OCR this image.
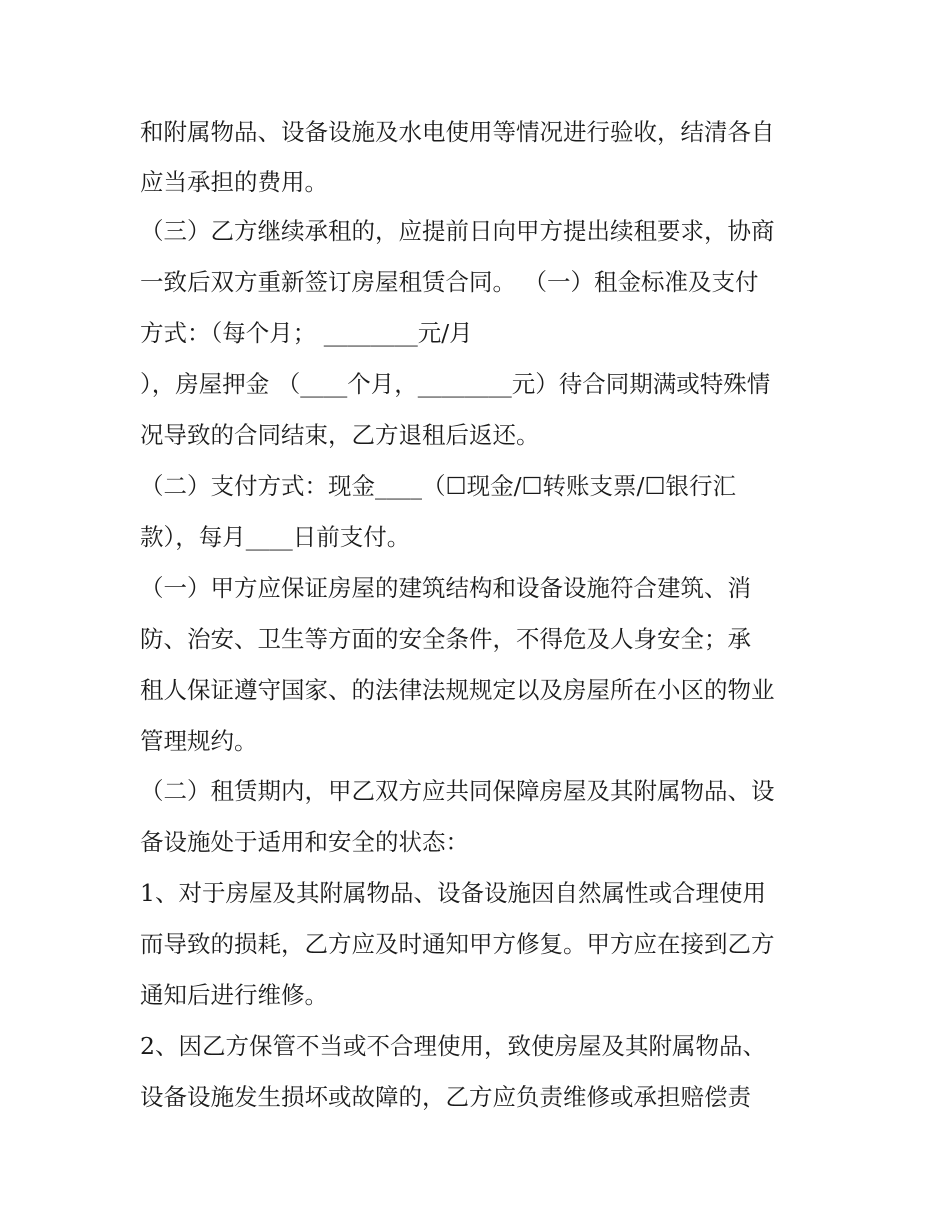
和附属物品、设备设施及水电使用等情况进行验收，结清各自
应当承担的费用。
（三）乙方继续承租的，应提前日向甲方提出续租要求，协商
一致后双方重新签订房屋租赁合同。 （一）租金标准及支付
方式：（每个月； ________元/月
），房屋押金 （____个月，________元）待合同期满或特殊情
况导致的合同结束，乙方退租后返还。
（二）支付方式：现金____（☐现金/☐转账支票/☐银行汇
款），每月____日前支付。
（一）甲方应保证房屋的建筑结构和设备设施符合建筑、消
防、治安、卫生等方面的安全条件，不得危及人身安全；承
租人保证遵守国家、的法律法规规定以及房屋所在小区的物业
管理规约。
（二）租赁期内，甲乙双方应共同保障房屋及其附属物品、设
备设施处于适用和安全的状态：
1、对于房屋及其附属物品、设备设施因自然属性或合理使用
而导致的损耗，乙方应及时通知甲方修复。甲方应在接到乙方
通知后进行维修。
2、因乙方保管不当或不合理使用，致使房屋及其附属物品、
设备设施发生损坏或故障的，乙方应负责维修或承担赔偿责
